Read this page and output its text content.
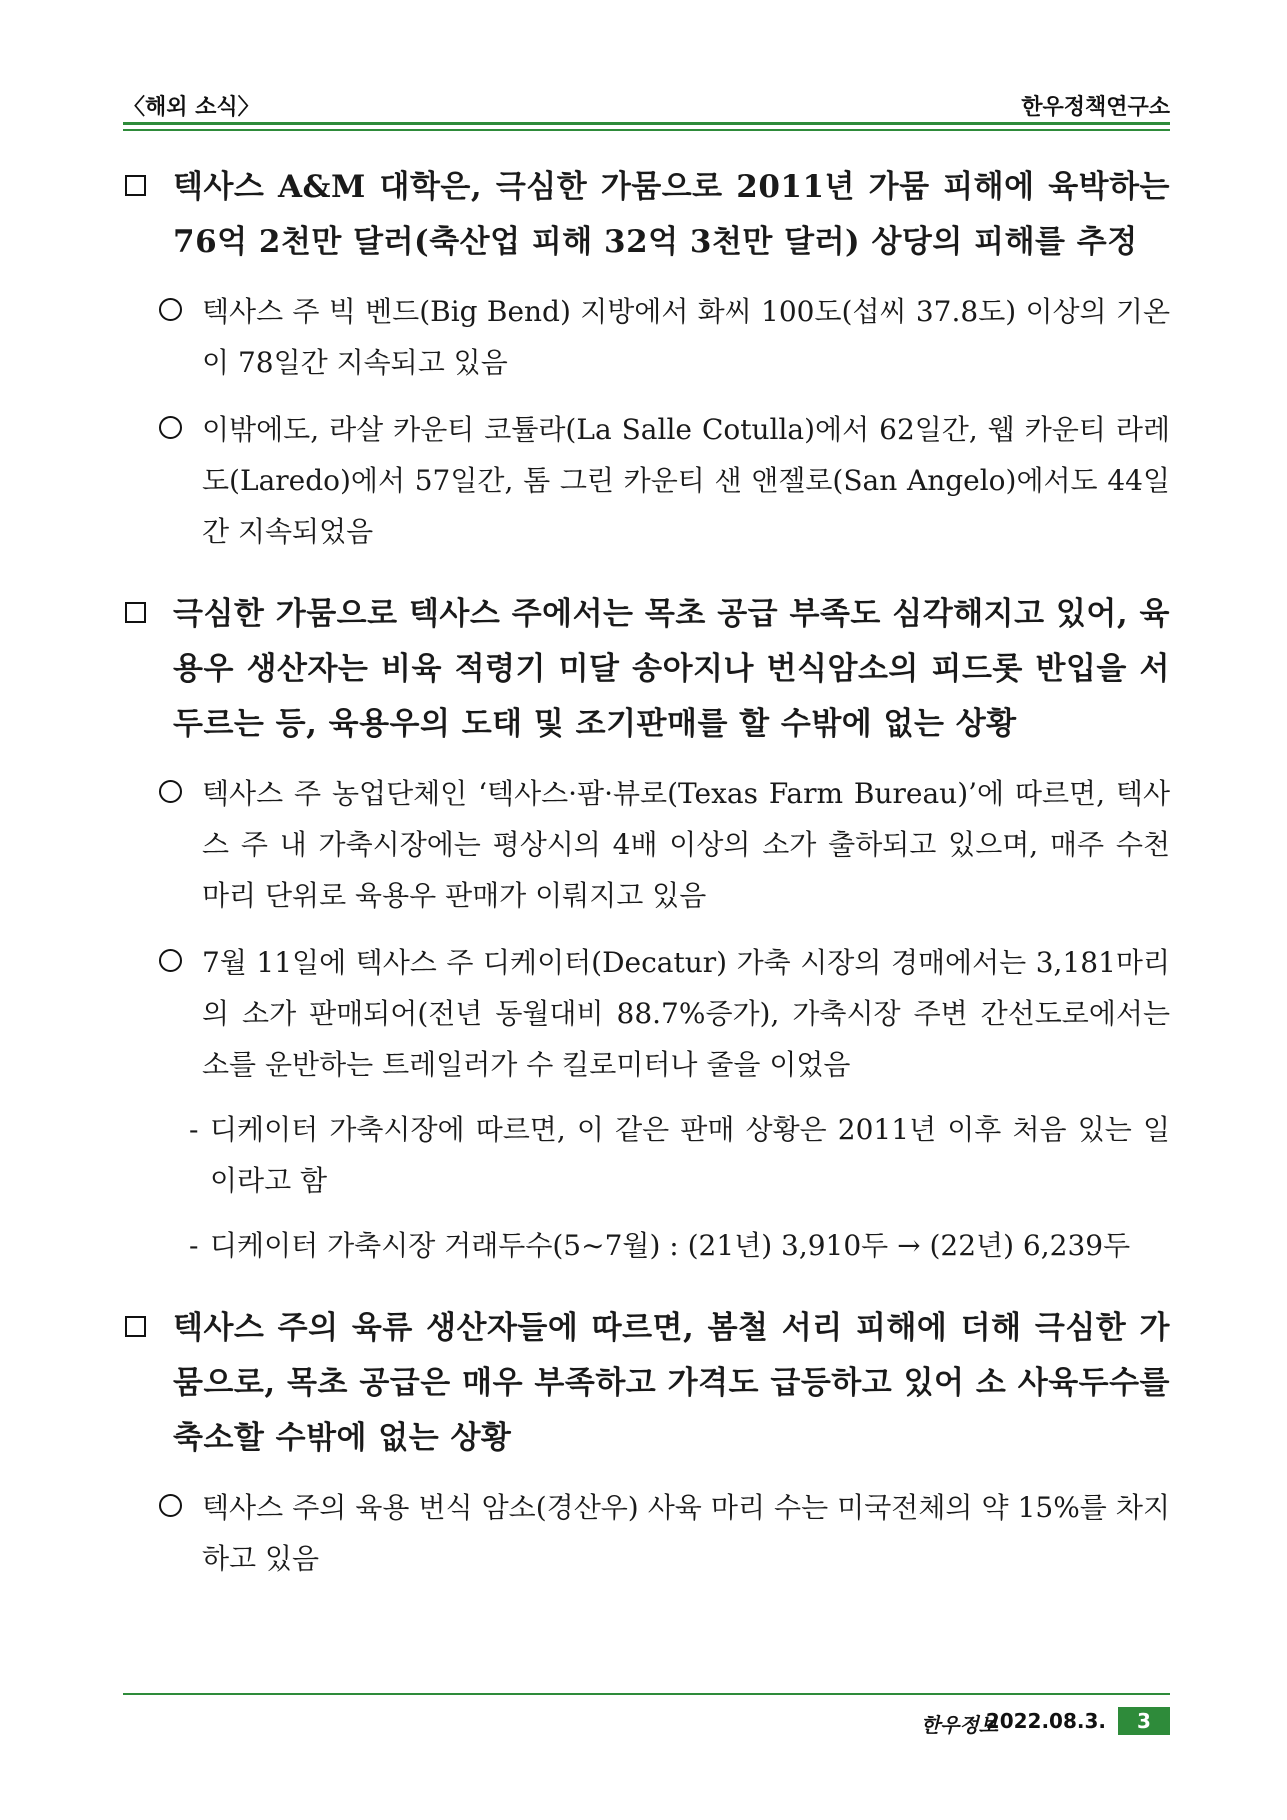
〈해외 소식〉	한우정책연구소
텍사스 A&M 대학은, 극심한 가뭄으로 2011년 가뭄 피해에 육박하는 76억 2천만 달러(축산업 피해 32억 3천만 달러) 상당의 피해를 추정
텍사스 주 빅 벤드(Big Bend) 지방에서 화씨 100도(섭씨 37.8도) 이상의 기온이 78일간 지속되고 있음
이밖에도, 라살 카운티 코튤라(La Salle Cotulla)에서 62일간, 웹 카운티 라레도(Laredo)에서 57일간, 톰 그린 카운티 샌 앤젤로(San Angelo)에서도 44일간 지속되었음
극심한 가뭄으로 텍사스 주에서는 목초 공급 부족도 심각해지고 있어, 육용우 생산자는 비육 적령기 미달 송아지나 번식암소의 피드롯 반입을 서두르는 등, 육용우의 도태 및 조기판매를 할 수밖에 없는 상황
텍사스 주 농업단체인 ‘텍사스·팜·뷰로(Texas Farm Bureau)’에 따르면, 텍사스 주 내 가축시장에는 평상시의 4배 이상의 소가 출하되고 있으며, 매주 수천 마리 단위로 육용우 판매가 이뤄지고 있음
7월 11일에 텍사스 주 디케이터(Decatur) 가축 시장의 경매에서는 3,181마리의 소가 판매되어(전년 동월대비 88.7%증가), 가축시장 주변 간선도로에서는 소를 운반하는 트레일러가 수 킬로미터나 줄을 이었음
- 디케이터 가축시장에 따르면, 이 같은 판매 상황은 2011년 이후 처음 있는 일이라고 함
- 디케이터 가축시장 거래두수(5∼7월) : (21년) 3,910두 → (22년) 6,239두
텍사스 주의 육류 생산자들에 따르면, 봄철 서리 피해에 더해 극심한 가뭄으로, 목초 공급은 매우 부족하고 가격도 급등하고 있어 소 사육두수를 축소할 수밖에 없는 상황
텍사스 주의 육용 번식 암소(경산우) 사육 마리 수는 미국전체의 약 15%를 차지하고 있음
한우정보
2022.08.3.	3
